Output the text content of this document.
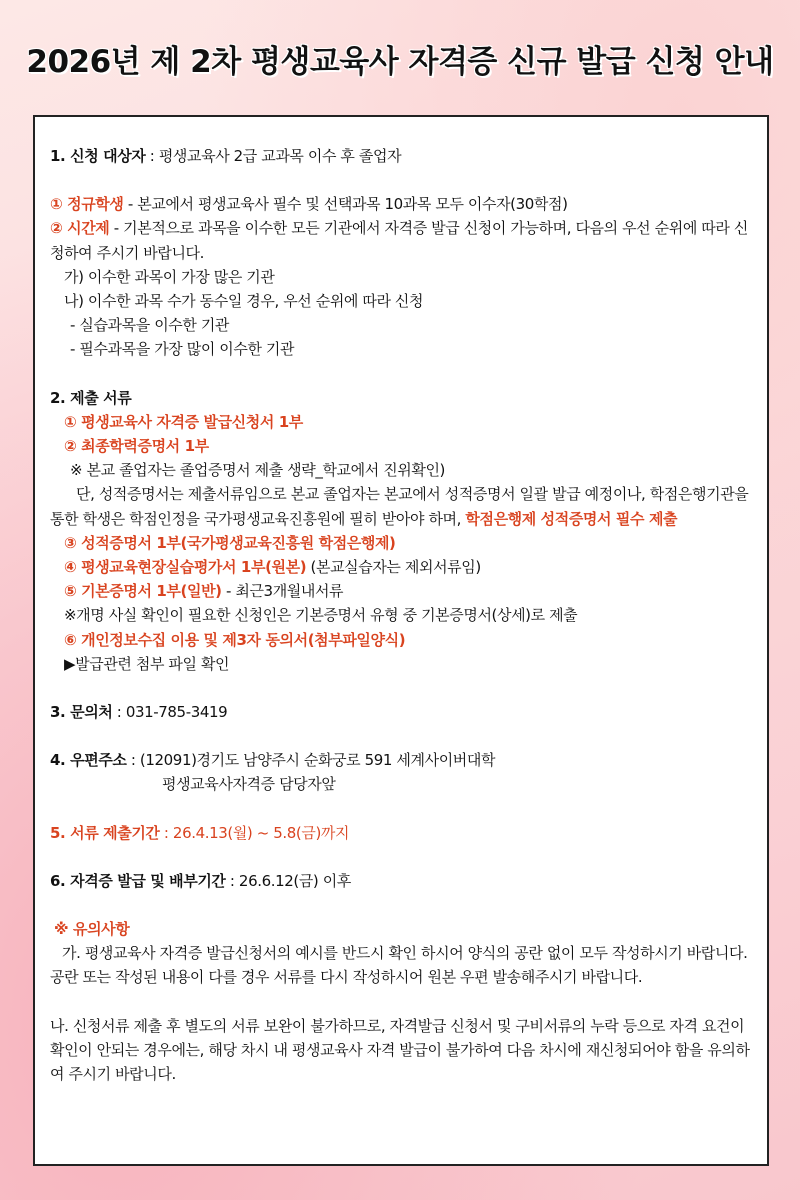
2026년 제 2차 평생교육사 자격증 신규 발급 신청 안내
1. 신청 대상자 : 평생교육사 2급 교과목 이수 후 졸업자
① 정규학생 - 본교에서 평생교육사 필수 및 선택과목 10과목 모두 이수자(30학점)
② 시간제 - 기본적으로 과목을 이수한 모든 기관에서 자격증 발급 신청이 가능하며, 다음의 우선 순위에 따라 신청하여 주시기 바랍니다.
가) 이수한 과목이 가장 많은 기관
나) 이수한 과목 수가 동수일 경우, 우선 순위에 따라 신청
- 실습과목을 이수한 기관
- 필수과목을 가장 많이 이수한 기관
2. 제출 서류
① 평생교육사 자격증 발급신청서 1부
② 최종학력증명서 1부
※ 본교 졸업자는 졸업증명서 제출 생략_학교에서 진위확인)
단, 성적증명서는 제출서류임으로 본교 졸업자는 본교에서 성적증명서 일괄 발급 예정이나, 학점은행기관을 통한 학생은 학점인정을 국가평생교육진흥원에 필히 받아야 하며, 학점은행제 성적증명서 필수 제출
③ 성적증명서 1부(국가평생교육진흥원 학점은행제)
④ 평생교육현장실습평가서 1부(원본) (본교실습자는 제외서류임)
⑤ 기본증명서 1부(일반) - 최근3개월내서류
※개명 사실 확인이 필요한 신청인은 기본증명서 유형 중 기본증명서(상세)로 제출
⑥ 개인정보수집 이용 및 제3자 동의서(첨부파일양식)
▶발급관련 첨부 파일 확인
3. 문의처 : 031-785-3419
4. 우편주소 : (12091)경기도 남양주시 순화궁로 591 세계사이버대학
평생교육사자격증 담당자앞
5. 서류 제출기간 : 26.4.13(월) ~ 5.8(금)까지
6. 자격증 발급 및 배부기간 : 26.6.12(금) 이후
※ 유의사항
가. 평생교육사 자격증 발급신청서의 예시를 반드시 확인 하시어 양식의 공란 없이 모두 작성하시기 바랍니다. 공란 또는 작성된 내용이 다를 경우 서류를 다시 작성하시어 원본 우편 발송해주시기 바랍니다.
나. 신청서류 제출 후 별도의 서류 보완이 불가하므로, 자격발급 신청서 및 구비서류의 누락 등으로 자격 요건이 확인이 안되는 경우에는, 해당 차시 내 평생교육사 자격 발급이 불가하여 다음 차시에 재신청되어야 함을 유의하여 주시기 바랍니다.
